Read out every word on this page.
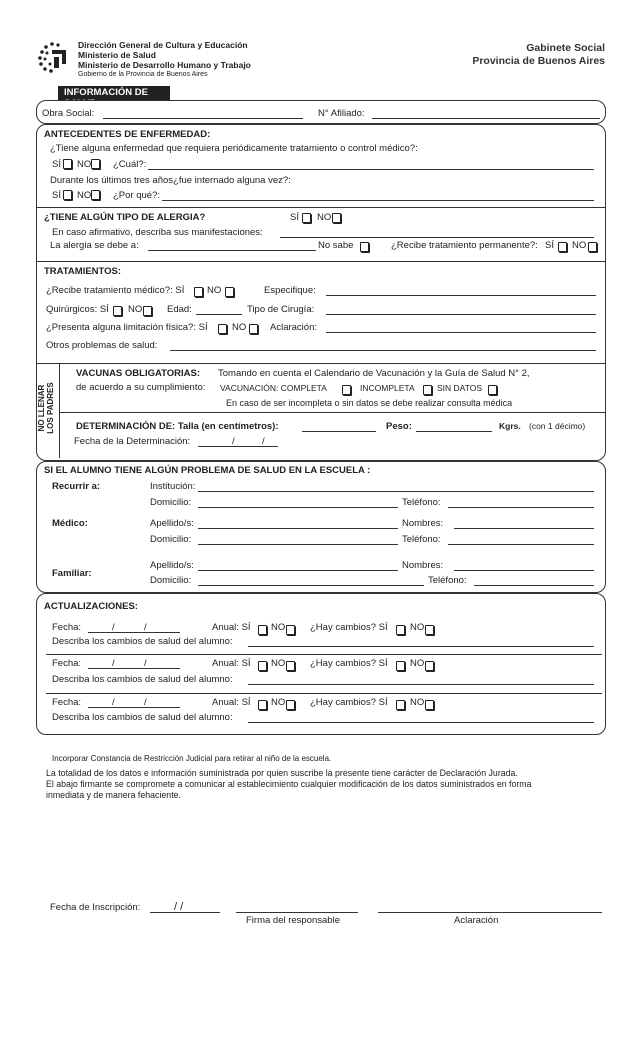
Dirección General de Cultura y Educación
Ministerio de Salud
Ministerio de Desarrollo Humano y Trabajo
Gobierno de la Provincia de Buenos Aires
Gabinete Social
Provincia de Buenos Aires
INFORMACIÓN DE SALUD
Obra Social:	N° Afiliado:
ANTECEDENTES DE ENFERMEDAD:
¿Tiene alguna enfermedad que requiera periódicamente tratamiento o control médico?:
SÍ NO ¿Cuál?:
Durante los últimos tres años¿fue internado alguna vez?:
SÍ NO ¿Por qué?:
¿TIENE ALGÚN TIPO DE ALERGIA?	SÍ NO
En caso afirmativo, describa sus manifestaciones:
La alergia se debe a:	No sabe	¿Recibe tratamiento permanente?: SÍ NO
TRATAMIENTOS:
¿Recibe tratamiento médico?: SÍ NO	Especifique:
Quirúrgicos: SÍ NO	Edad:	Tipo de Cirugía:
¿Presenta alguna limitación física?: SÍ	NO	Aclaración:
Otros problemas de salud:
NO LLENAR
LOS PADRES
VACUNAS OBLIGATORIAS: Tomando en cuenta el Calendario de Vacunación y la Guía de Salud N° 2,
de acuerdo a su cumplimiento: VACUNACIÓN: COMPLETA	INCOMPLETA	SIN DATOS
En caso de ser incompleta o sin datos se debe realizar consulta médica
DETERMINACIÓN DE: Talla (en centímetros):	Peso:	Kgrs. (con 1 décimo)
Fecha de la Determinación:	/	/
SI EL ALUMNO TIENE ALGÚN PROBLEMA DE SALUD EN LA ESCUELA :
Recurrir a:	Institución:
Domicilio:	Teléfono:
Médico:	Apellido/s:	Nombres:
Domicilio:	Teléfono:
Apellido/s:	Nombres:
Familiar:
Domicilio:	Teléfono:
ACTUALIZACIONES:
Fecha:	/	/	Anual: SÍ NO	¿Hay cambios? SÍ NO
Describa los cambios de salud del alumno:
Fecha:	/	/	Anual: SÍ NO	¿Hay cambios? SÍ NO
Describa los cambios de salud del alumno:
Fecha:	/	/	Anual: SÍ NO	¿Hay cambios? SÍ NO
Describa los cambios de salud del alumno:
Incorporar Constancia de Restricción Judicial para retirar al niño de la escuela.
La totalidad de los datos e información suministrada por quien suscribe la presente tiene carácter de Declaración Jurada.
El abajo firmante se compromete a comunicar al establecimiento cualquier modificación de los datos suministrados en forma
inmediata y de manera fehaciente.
Fecha de Inscripción:	/ /
Firma del responsable	Aclaración
